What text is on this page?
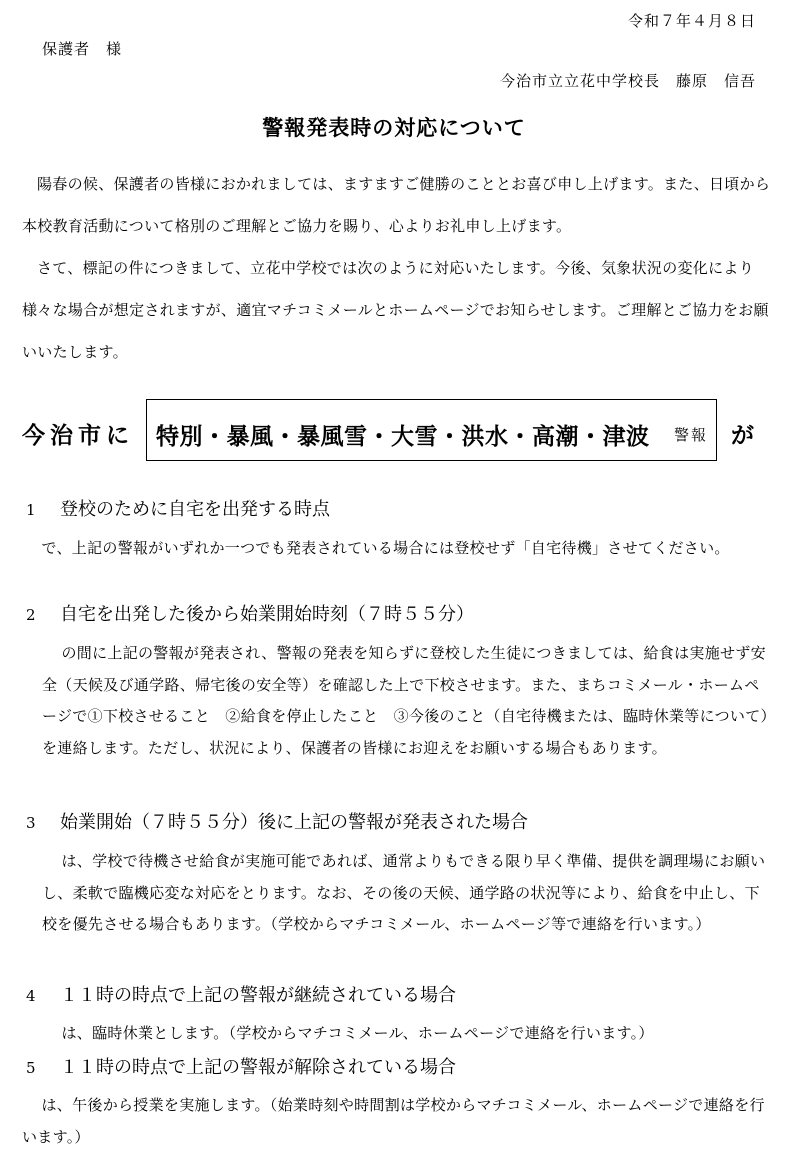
令和７年４月８日
保護者　様
今治市立立花中学校長　藤原　信吾
警報発表時の対応について
陽春の候、保護者の皆様におかれましては、ますますご健勝のこととお喜び申し上げます。また、日頃から本校教育活動について格別のご理解とご協力を賜り、心よりお礼申し上げます。
さて、標記の件につきまして、立花中学校では次のように対応いたします。今後、気象状況の変化により様々な場合が想定されますが、適宜マチコミメールとホームページでお知らせします。ご理解とご協力をお願いいたします。
今治市に 特別・暴風・暴風雪・大雪・洪水・高潮・津波 警報 が
1 登校のために自宅を出発する時点
で、上記の警報がいずれか一つでも発表されている場合には登校せず「自宅待機」させてください。
2 自宅を出発した後から始業開始時刻（７時５５分）
の間に上記の警報が発表され、警報の発表を知らずに登校した生徒につきましては、給食は実施せず安全（天候及び通学路、帰宅後の安全等）を確認した上で下校させます。また、まちコミメール・ホームページで①下校させること　②給食を停止したこと　③今後のこと（自宅待機または、臨時休業等について）を連絡します。ただし、状況により、保護者の皆様にお迎えをお願いする場合もあります。
3 始業開始（７時５５分）後に上記の警報が発表された場合
は、学校で待機させ給食が実施可能であれば、通常よりもできる限り早く準備、提供を調理場にお願いし、柔軟で臨機応変な対応をとります。なお、その後の天候、通学路の状況等により、給食を中止し、下校を優先させる場合もあります。（学校からマチコミメール、ホームページ等で連絡を行います。）
4 １１時の時点で上記の警報が継続されている場合
は、臨時休業とします。（学校からマチコミメール、ホームページで連絡を行います。）
5 １１時の時点で上記の警報が解除されている場合
は、午後から授業を実施します。（始業時刻や時間割は学校からマチコミメール、ホームページで連絡を行います。）
